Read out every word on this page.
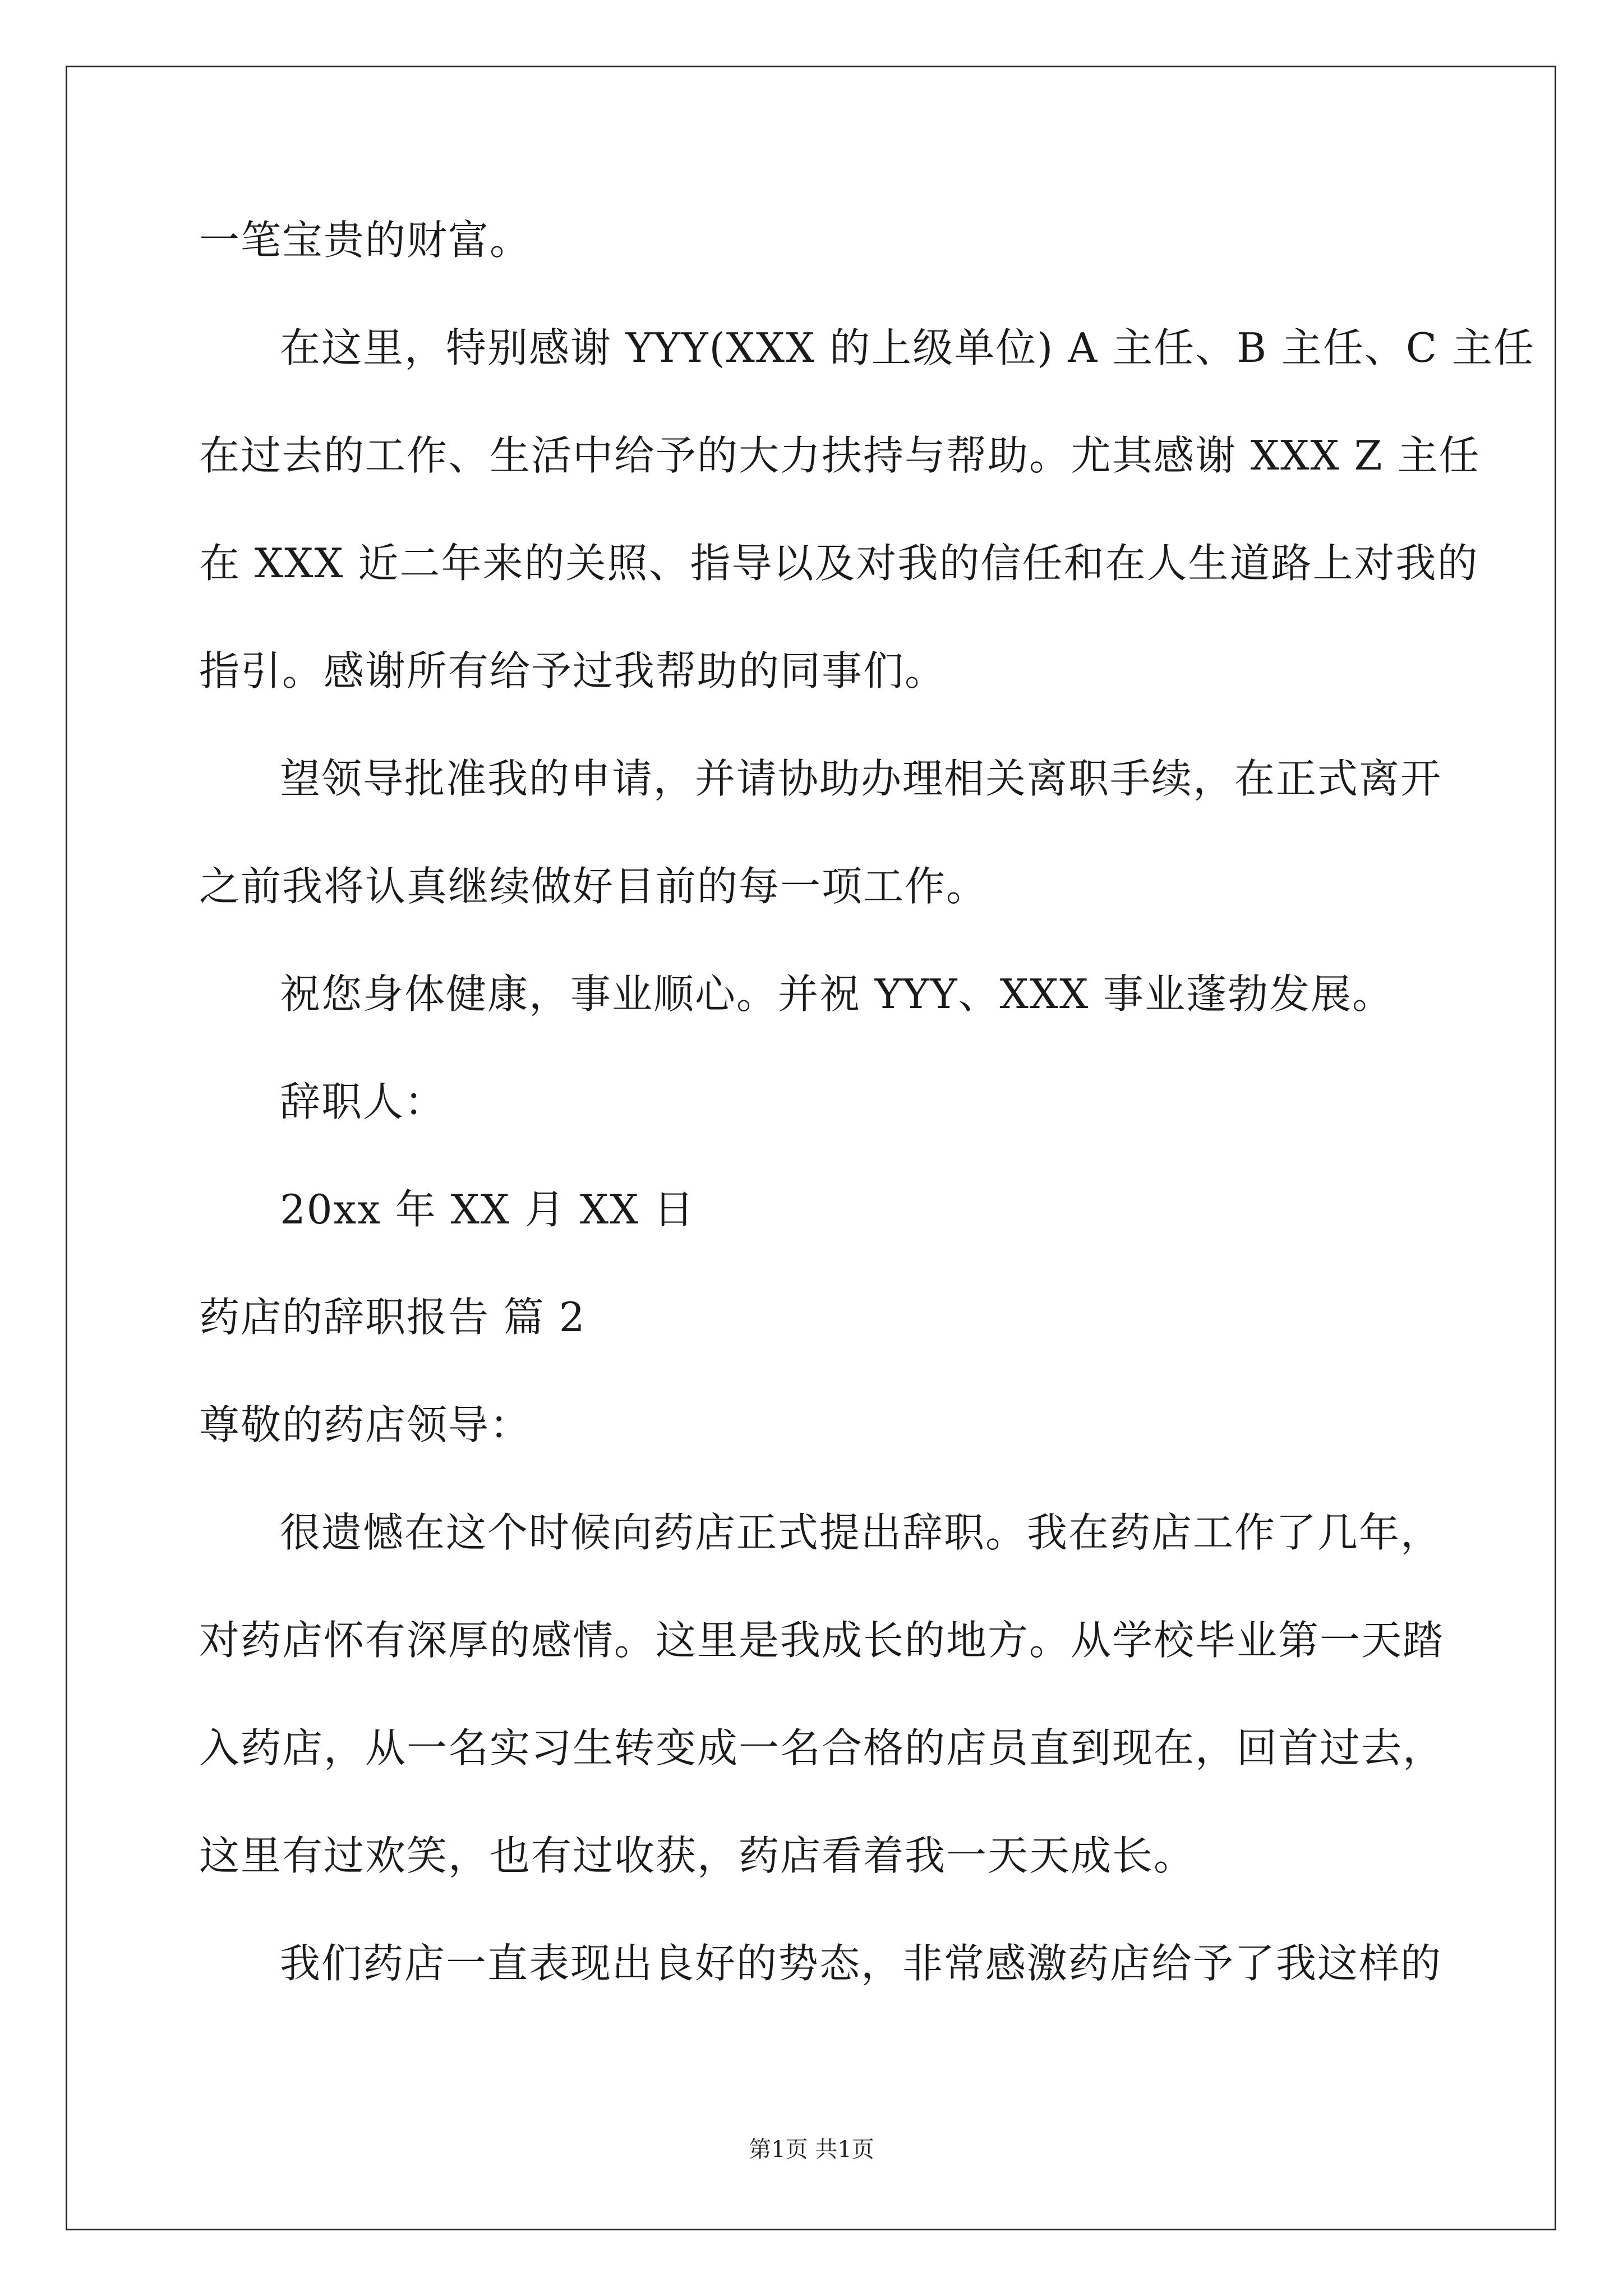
一笔宝贵的财富。
在这里，特别感谢 YYY(XXX 的上级单位) A 主任、B 主任、C 主任
在过去的工作、生活中给予的大力扶持与帮助。尤其感谢 XXX Z 主任
在 XXX 近二年来的关照、指导以及对我的信任和在人生道路上对我的
指引。感谢所有给予过我帮助的同事们。
望领导批准我的申请，并请协助办理相关离职手续，在正式离开
之前我将认真继续做好目前的每一项工作。
祝您身体健康，事业顺心。并祝 YYY、XXX 事业蓬勃发展。
辞职人：
20xx 年 XX 月 XX 日
药店的辞职报告 篇 2
尊敬的药店领导：
很遗憾在这个时候向药店正式提出辞职。我在药店工作了几年，
对药店怀有深厚的感情。这里是我成长的地方。从学校毕业第一天踏
入药店，从一名实习生转变成一名合格的店员直到现在，回首过去，
这里有过欢笑，也有过收获，药店看着我一天天成长。
我们药店一直表现出良好的势态，非常感激药店给予了我这样的
第1页 共1页
